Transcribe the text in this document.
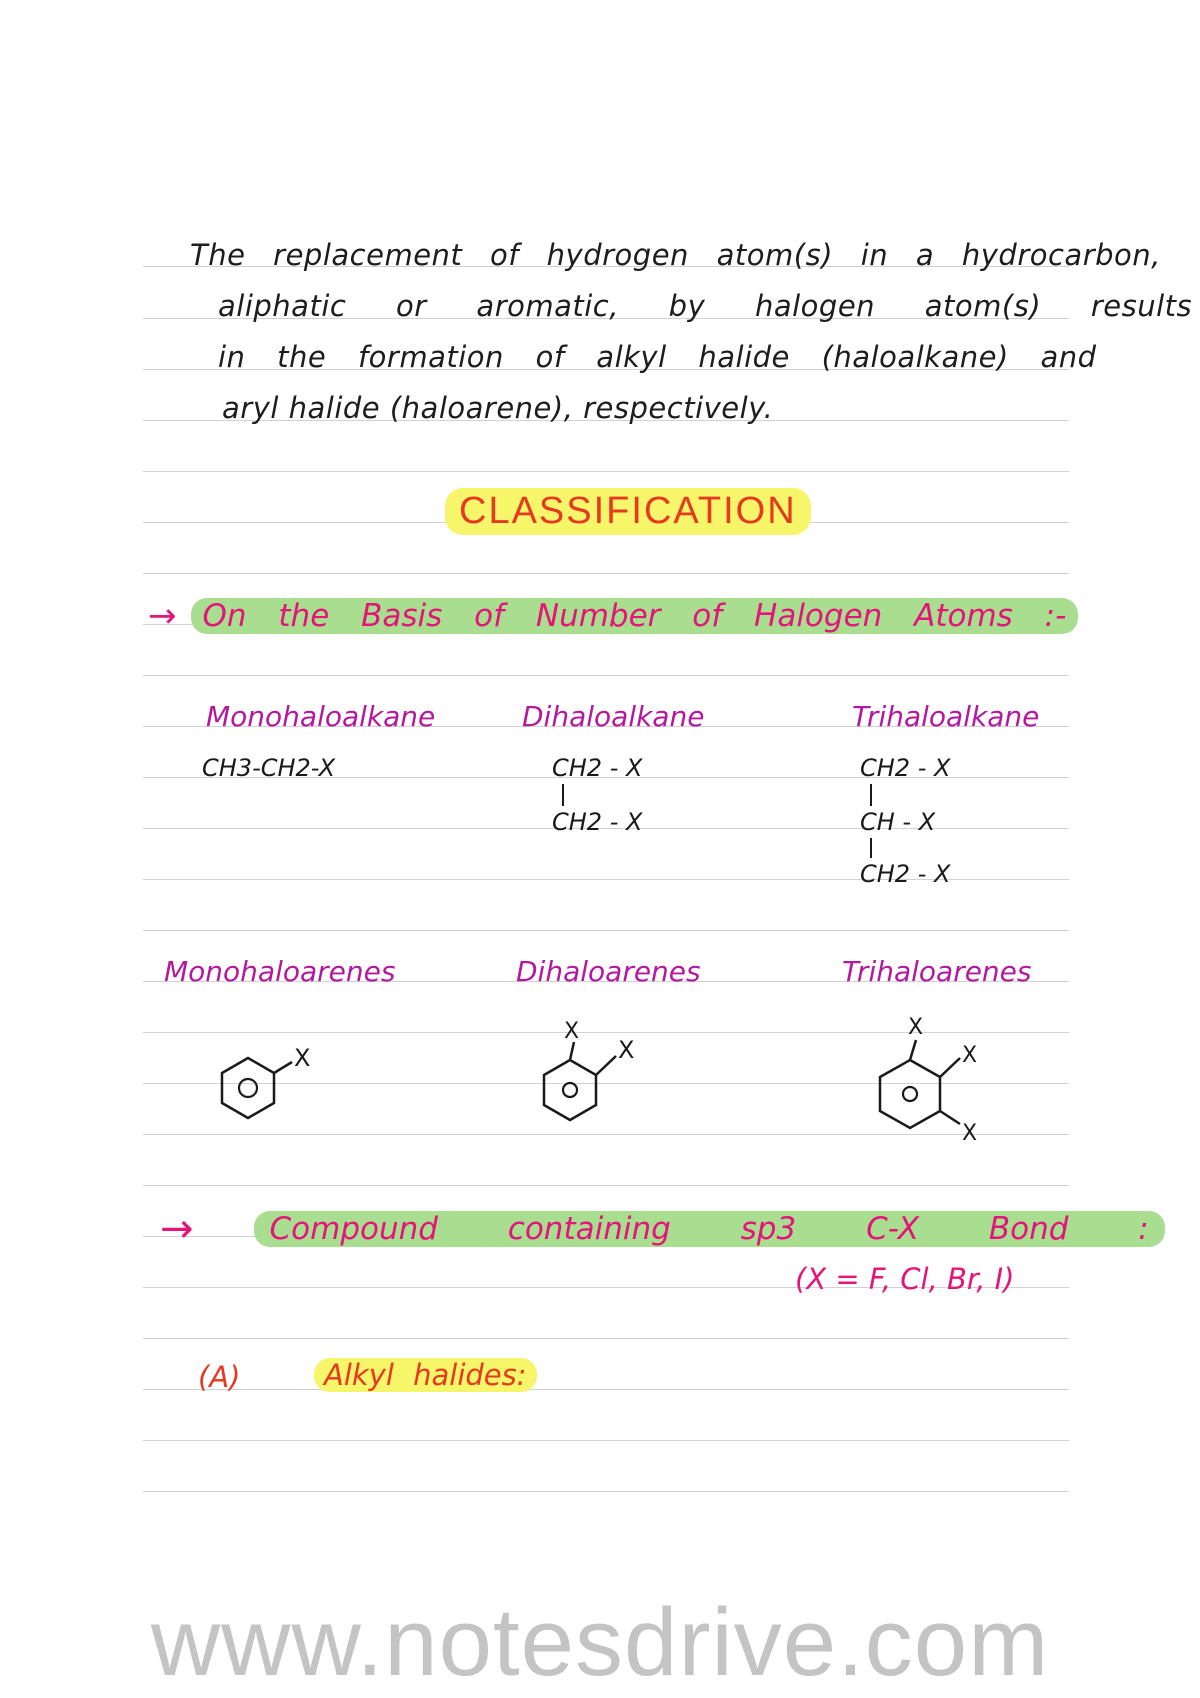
The replacement of hydrogen atom(s) in a hydrocarbon,
aliphatic or aromatic, by halogen atom(s) results
in the formation of alkyl halide (haloalkane) and
aryl halide (haloarene), respectively.
CLASSIFICATION
→ On the Basis of Number of Halogen Atoms :-
Monohaloalkane
CH3-CH2-X
Dihaloalkane
CH2 - X
CH2 - X
Trihaloalkane
CH2 - X
CH - X
CH2 - X
Monohaloarenes	Dihaloarenes	Trihaloarenes
X
X
X
X
X
X
→	Compound containing sp3 C-X Bond :
(X = F, Cl, Br, I)
(A)	Alkyl halides:
www.notesdrive.com
